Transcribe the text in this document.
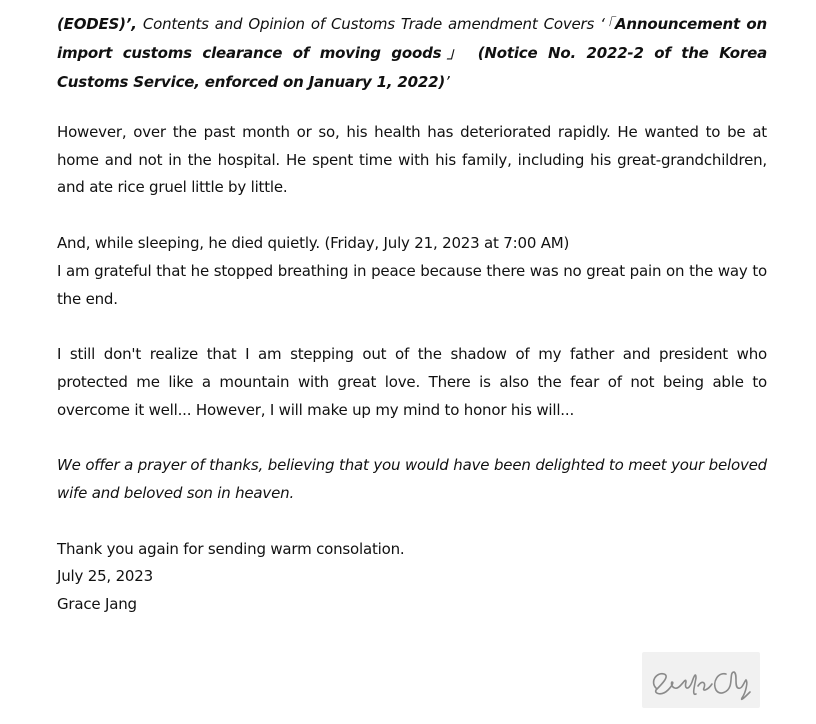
(EODES)’, Contents and Opinion of Customs Trade amendment Covers ‘「Announcement on import customs clearance of moving goods」 (Notice No. 2022-2 of the Korea Customs Service, enforced on January 1, 2022)’

However, over the past month or so, his health has deteriorated rapidly. He wanted to be at home and not in the hospital. He spent time with his family, including his great-grandchildren, and ate rice gruel little by little.

And, while sleeping, he died quietly. (Friday, July 21, 2023 at 7:00 AM)
I am grateful that he stopped breathing in peace because there was no great pain on the way to the end.

I still don't realize that I am stepping out of the shadow of my father and president who protected me like a mountain with great love. There is also the fear of not being able to overcome it well... However, I will make up my mind to honor his will...

We offer a prayer of thanks, believing that you would have been delighted to meet your beloved wife and beloved son in heaven.

Thank you again for sending warm consolation.
July 25, 2023
Grace Jang
